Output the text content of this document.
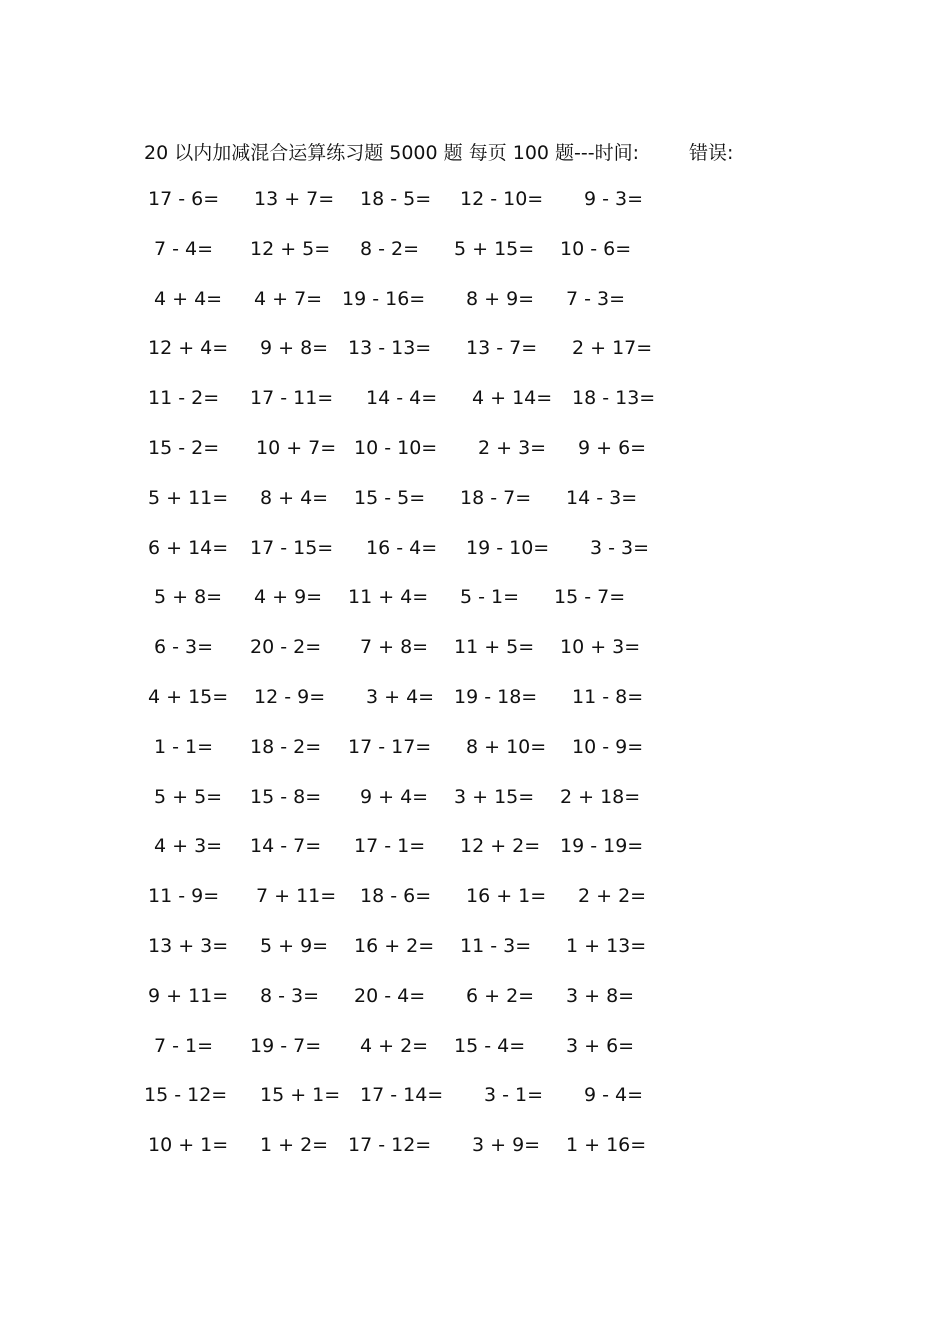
20 以内加减混合运算练习题 5000 题 每页 100 题---时间:	错误:
17 - 6= 13 + 7= 18 - 5= 12 - 10= 9 - 3=
7 - 4= 12 + 5= 8 - 2= 5 + 15= 10 - 6=
4 + 4= 4 + 7= 19 - 16= 8 + 9= 7 - 3=
12 + 4= 9 + 8= 13 - 13= 13 - 7= 2 + 17=
11 - 2= 17 - 11= 14 - 4= 4 + 14= 18 - 13=
15 - 2= 10 + 7= 10 - 10= 2 + 3= 9 + 6=
5 + 11= 8 + 4= 15 - 5= 18 - 7= 14 - 3=
6 + 14= 17 - 15= 16 - 4= 19 - 10= 3 - 3=
5 + 8= 4 + 9= 11 + 4= 5 - 1= 15 - 7=
6 - 3= 20 - 2= 7 + 8= 11 + 5= 10 + 3=
4 + 15= 12 - 9= 3 + 4= 19 - 18= 11 - 8=
1 - 1= 18 - 2= 17 - 17= 8 + 10= 10 - 9=
5 + 5= 15 - 8= 9 + 4= 3 + 15= 2 + 18=
4 + 3= 14 - 7= 17 - 1= 12 + 2= 19 - 19=
11 - 9= 7 + 11= 18 - 6= 16 + 1= 2 + 2=
13 + 3= 5 + 9= 16 + 2= 11 - 3= 1 + 13=
9 + 11= 8 - 3= 20 - 4= 6 + 2= 3 + 8=
7 - 1= 19 - 7= 4 + 2= 15 - 4= 3 + 6=
15 - 12= 15 + 1= 17 - 14= 3 - 1= 9 - 4=
10 + 1= 1 + 2= 17 - 12= 3 + 9= 1 + 16=
